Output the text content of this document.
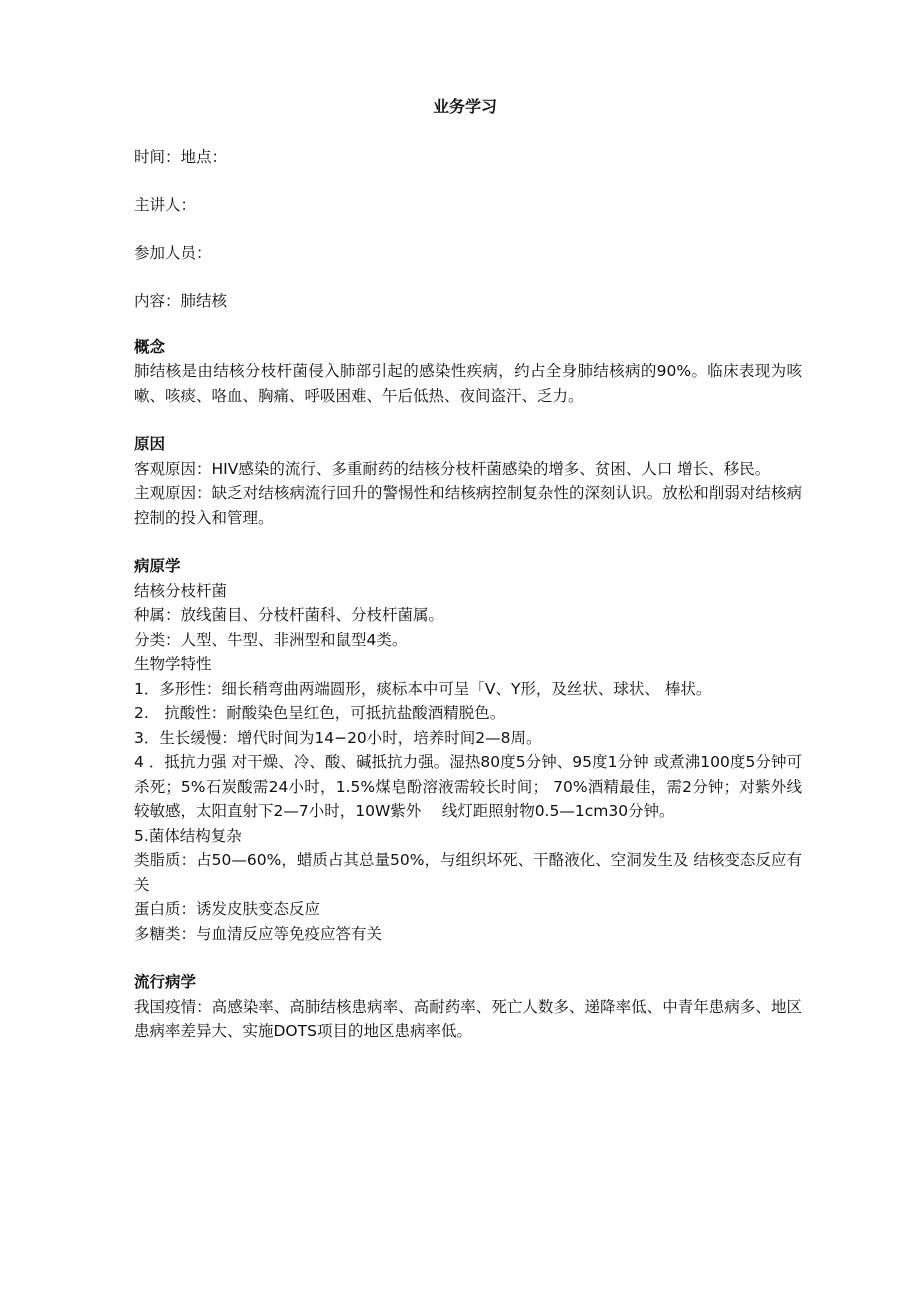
业务学习
时间：地点：
主讲人：
参加人员：
内容：肺结核
概念
肺结核是由结核分枝杆菌侵入肺部引起的感染性疾病，约占全身肺结核病的90%。临床表现为咳嗽、咳痰、咯血、胸痛、呼吸困难、午后低热、夜间盗汗、乏力。
原因
客观原因：HIV感染的流行、多重耐药的结核分枝杆菌感染的增多、贫困、人口 增长、移民。
主观原因：缺乏对结核病流行回升的警惕性和结核病控制复杂性的深刻认识。放松和削弱对结核病控制的投入和管理。
病原学
结核分枝杆菌
种属：放线菌目、分枝杆菌科、分枝杆菌属。
分类：人型、牛型、非洲型和鼠型4类。
生物学特性
1．多形性：细长稍弯曲两端圆形，痰标本中可呈「V、Y形，及丝状、球状、 棒状。
2.　抗酸性：耐酸染色呈红色，可抵抗盐酸酒精脱色。
3．生长缓慢：增代时间为14−20小时，培养时间2—8周。
4 ．抵抗力强 对干燥、冷、酸、碱抵抗力强。湿热80度5分钟、95度1分钟 或煮沸100度5分钟可杀死；5%石炭酸需24小时，1.5%煤皂酚溶液需较长时间； 70%酒精最佳，需2分钟；对紫外线较敏感，太阳直射下2—7小时，10W紫外　 线灯距照射物0.5—1cm30分钟。
5.菌体结构复杂
类脂质：占50—60%，蜡质占其总量50%，与组织坏死、干酪液化、空洞发生及 结核变态反应有关
蛋白质：诱发皮肤变态反应
多糖类：与血清反应等免疫应答有关
流行病学
我国疫情：高感染率、高肺结核患病率、高耐药率、死亡人数多、递降率低、中青年患病多、地区患病率差异大、实施DOTS项目的地区患病率低。
